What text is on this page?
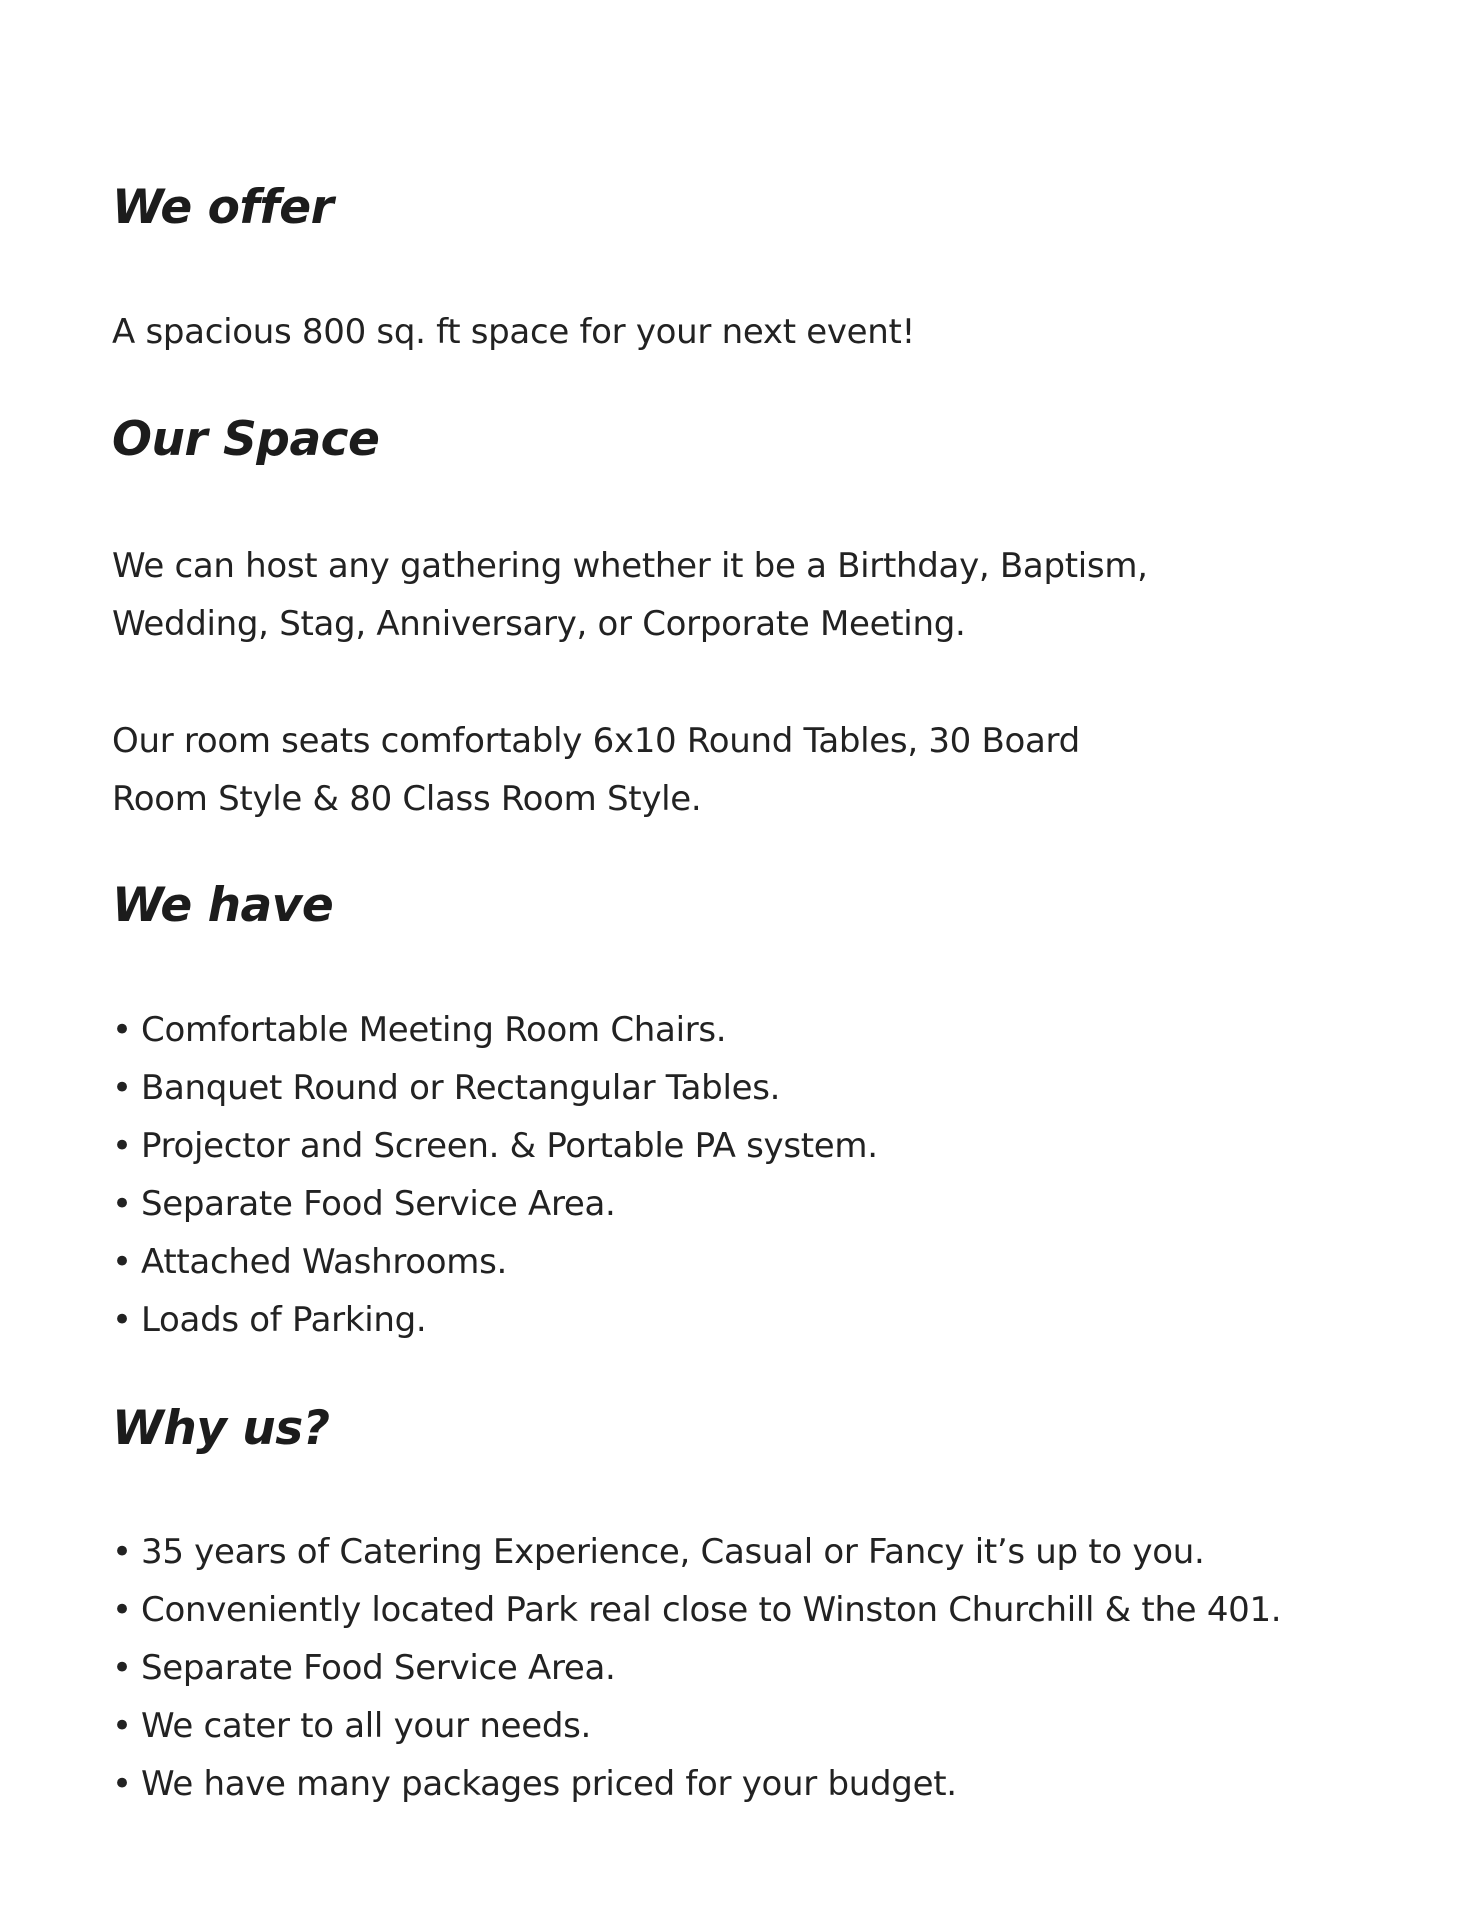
We offer

A spacious 800 sq. ft space for your next event!

Our Space
We can host any gathering whether it be a Birthday, Baptism,
Wedding, Stag, Anniversary, or Corporate Meeting.
Our room seats comfortably 6x10 Round Tables, 30 Board
Room Style & 80 Class Room Style.
We have
• Comfortable Meeting Room Chairs.
• Banquet Round or Rectangular Tables.
• Projector and Screen. & Portable PA system.
• Separate Food Service Area.
• Attached Washrooms.
• Loads of Parking.
Why us?
• 35 years of Catering Experience, Casual or Fancy it’s up to you.
• Conveniently located Park real close to Winston Churchill & the 401.
• Separate Food Service Area.
• We cater to all your needs.
• We have many packages priced for your budget.
